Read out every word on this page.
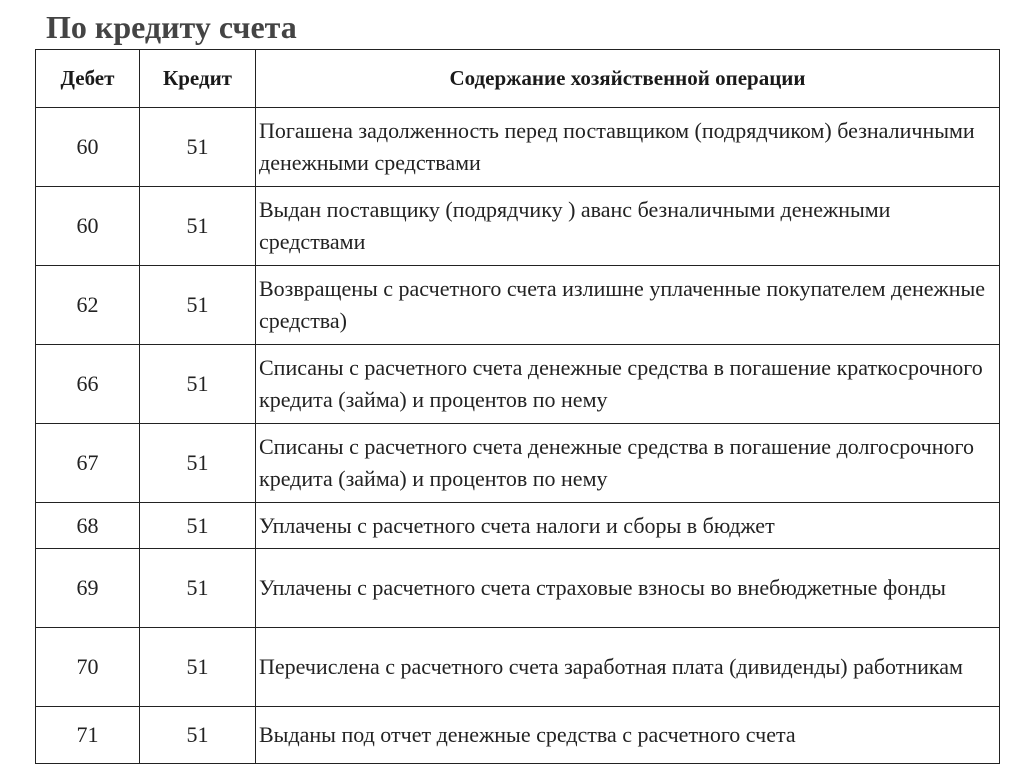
По кредиту счета
Дебет	Кредит	Содержание хозяйственной операции
60	51	Погашена задолженность перед поставщиком (подрядчиком) безналичными денежными средствами
60	51	Выдан поставщику (подрядчику ) аванс безналичными денежными средствами
62	51	Возвращены с расчетного счета излишне уплаченные покупателем денежные средства)
66	51	Списаны с расчетного счета денежные средства в погашение краткосрочного кредита (займа) и процентов по нему
67	51	Списаны с расчетного счета денежные средства в погашение долгосрочного кредита (займа) и процентов по нему
68	51	Уплачены с расчетного счета налоги и сборы в бюджет
69	51	Уплачены с расчетного счета страховые взносы во внебюджетные фонды
70	51	Перечислена с расчетного счета заработная плата (дивиденды) работникам
71	51	Выданы под отчет денежные средства с расчетного счета
